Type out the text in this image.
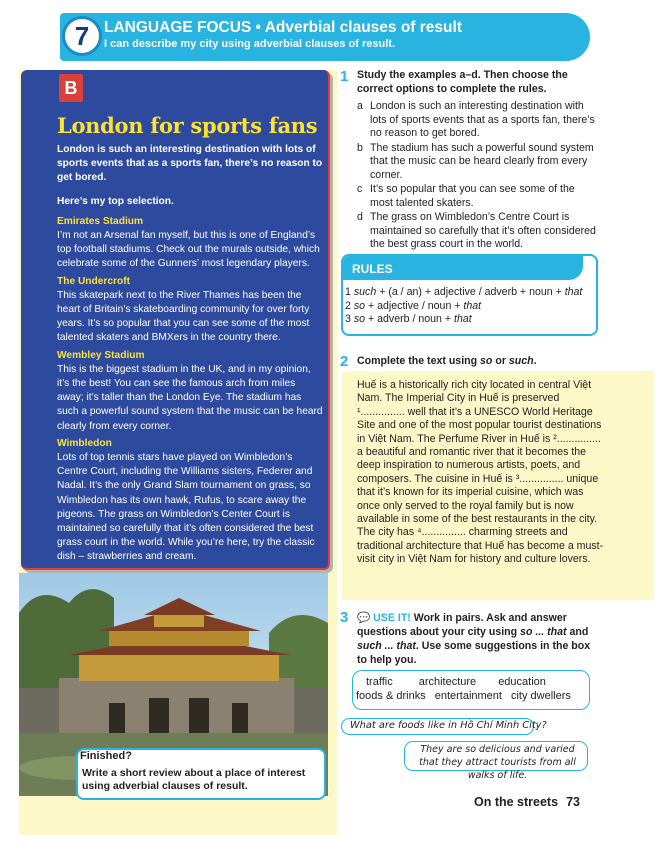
7 LANGUAGE FOCUS • Adverbial clauses of result
I can describe my city using adverbial clauses of result.
B
London for sports fans
London is such an interesting destination with lots of sports events that as a sports fan, there’s no reason to get bored.
Here’s my top selection.
Emirates Stadium
I’m not an Arsenal fan myself, but this is one of England’s top football stadiums. Check out the murals outside, which celebrate some of the Gunners’ most legendary players.
The Undercroft
This skatepark next to the River Thames has been the heart of Britain’s skateboarding community for over forty years. It’s so popular that you can see some of the most talented skaters and BMXers in the country there.
Wembley Stadium
This is the biggest stadium in the UK, and in my opinion, it’s the best! You can see the famous arch from miles away; it’s taller than the London Eye. The stadium has such a powerful sound system that the music can be heard clearly from every corner.
Wimbledon
Lots of top tennis stars have played on Wimbledon’s Centre Court, including the Williams sisters, Federer and Nadal. It’s the only Grand Slam tournament on grass, so Wimbledon has its own hawk, Rufus, to scare away the pigeons. The grass on Wimbledon’s Center Court is maintained so carefully that it’s often considered the best grass court in the world. While you’re here, try the classic dish – strawberries and cream.
Finished?
Write a short review about a place of interest using adverbial clauses of result.
1 Study the examples a–d. Then choose the correct options to complete the rules.
a London is such an interesting destination with lots of sports events that as a sports fan, there’s no reason to get bored.
b The stadium has such a powerful sound system that the music can be heard clearly from every corner.
c It’s so popular that you can see some of the most talented skaters.
d The grass on Wimbledon’s Centre Court is maintained so carefully that it’s often considered the best grass court in the world.
RULES
1 such + (a / an) + adjective / adverb + noun + that
2 so + adjective / noun + that
3 so + adverb / noun + that
2 Complete the text using so or such.
Huế is a historically rich city located in central Việt Nam. The Imperial City in Huế is preserved ¹............... well that it’s a UNESCO World Heritage Site and one of the most popular tourist destinations in Việt Nam. The Perfume River in Huế is ²............... a beautiful and romantic river that it becomes the deep inspiration to numerous artists, poets, and composers. The cuisine in Huế is ³............... unique that it’s known for its imperial cuisine, which was once only served to the royal family but is now available in some of the best restaurants in the city. The city has ⁴............... charming streets and traditional architecture that Huế has become a must-visit city in Việt Nam for history and culture lovers.
3 💬 USE IT! Work in pairs. Ask and answer questions about your city using so ... that and such ... that. Use some suggestions in the box to help you.
traffic architecture education
foods & drinks entertainment city dwellers
What are foods like in Hồ Chí Minh City?
They are so delicious and varied that they attract tourists from all walks of life.
On the streets 73
